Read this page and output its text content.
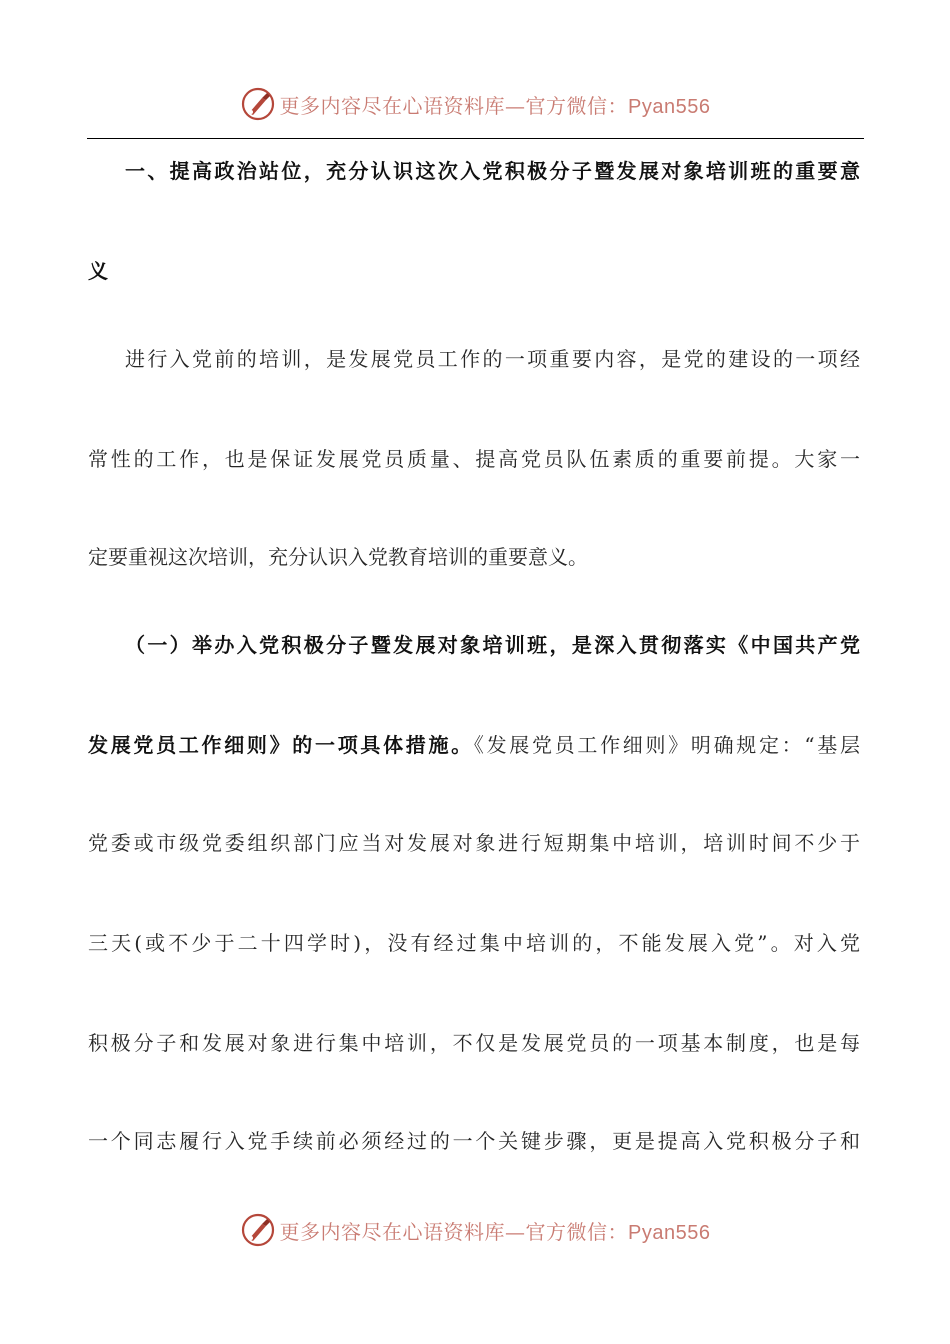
更多内容尽在心语资料库—官方微信：Pyan556
一、提高政治站位，充分认识这次入党积极分子暨发展对象培训班的重要意
义
进行入党前的培训，是发展党员工作的一项重要内容，是党的建设的一项经
常性的工作，也是保证发展党员质量、提高党员队伍素质的重要前提。大家一
定要重视这次培训，充分认识入党教育培训的重要意义。
（一）举办入党积极分子暨发展对象培训班，是深入贯彻落实《中国共产党
发展党员工作细则》的一项具体措施。《发展党员工作细则》明确规定：“基层
党委或市级党委组织部门应当对发展对象进行短期集中培训，培训时间不少于
三天(或不少于二十四学时)，没有经过集中培训的，不能发展入党”。对入党
积极分子和发展对象进行集中培训，不仅是发展党员的一项基本制度，也是每
一个同志履行入党手续前必须经过的一个关键步骤，更是提高入党积极分子和
更多内容尽在心语资料库—官方微信：Pyan556
